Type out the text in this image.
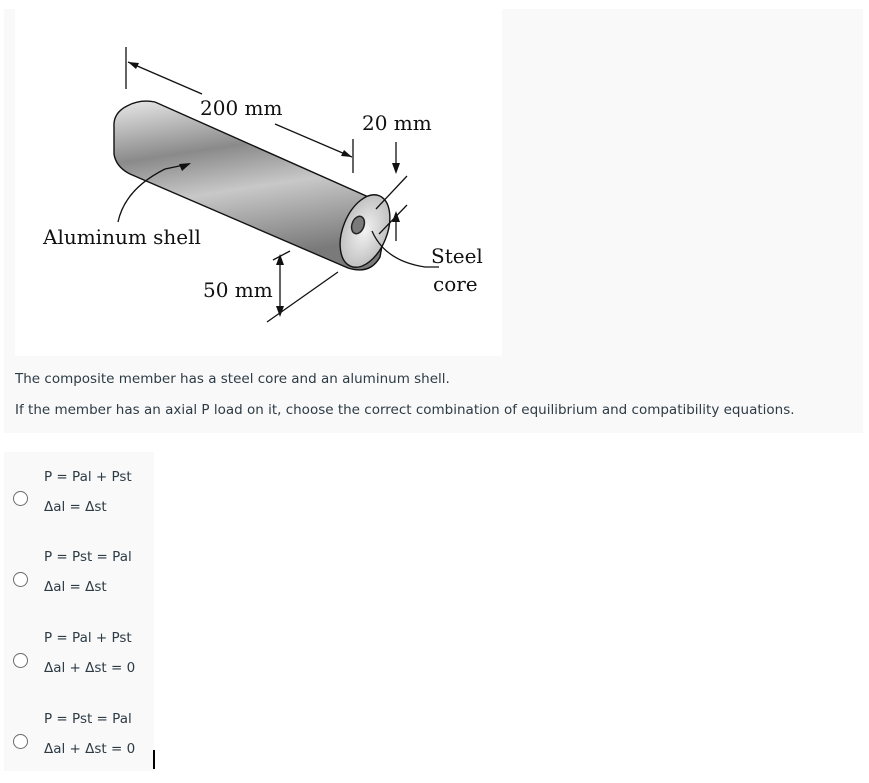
200 mm
20 mm
Aluminum shell
50 mm
Steel
core
The composite member has a steel core and an aluminum shell.
If the member has an axial P load on it, choose the correct combination of equilibrium and compatibility equations.
P = Pal + Pst
Δal = Δst
P = Pst = Pal
Δal = Δst
P = Pal + Pst
Δal + Δst = 0
P = Pst = Pal
Δal + Δst = 0
